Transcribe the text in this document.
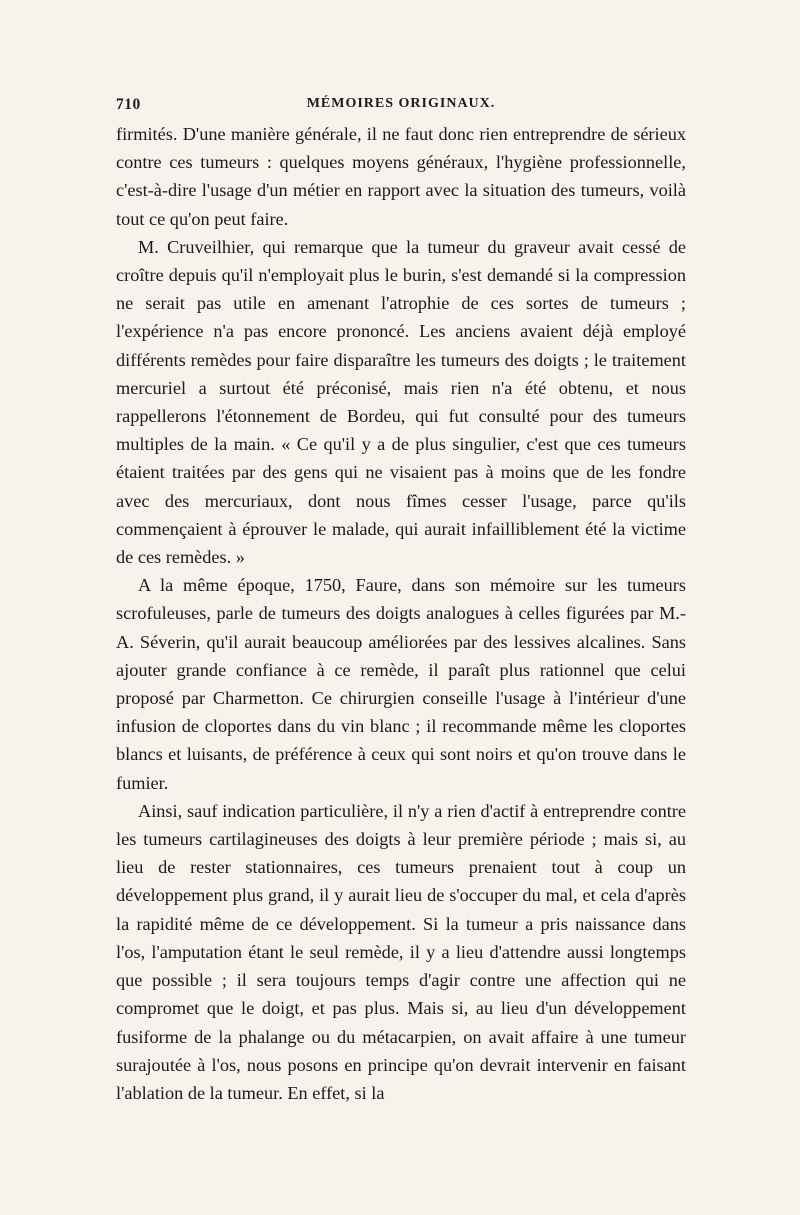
710	MÉMOIRES ORIGINAUX.

firmités. D'une manière générale, il ne faut donc rien entreprendre de sérieux contre ces tumeurs : quelques moyens généraux, l'hygiène professionnelle, c'est-à-dire l'usage d'un métier en rapport avec la situation des tumeurs, voilà tout ce qu'on peut faire.

M. Cruveilhier, qui remarque que la tumeur du graveur avait cessé de croître depuis qu'il n'employait plus le burin, s'est demandé si la compression ne serait pas utile en amenant l'atrophie de ces sortes de tumeurs ; l'expérience n'a pas encore prononcé. Les anciens avaient déjà employé différents remèdes pour faire disparaître les tumeurs des doigts ; le traitement mercuriel a surtout été préconisé, mais rien n'a été obtenu, et nous rappellerons l'étonnement de Bordeu, qui fut consulté pour des tumeurs multiples de la main. « Ce qu'il y a de plus singulier, c'est que ces tumeurs étaient traitées par des gens qui ne visaient pas à moins que de les fondre avec des mercuriaux, dont nous fîmes cesser l'usage, parce qu'ils commençaient à éprouver le malade, qui aurait infailliblement été la victime de ces remèdes. »

A la même époque, 1750, Faure, dans son mémoire sur les tumeurs scrofuleuses, parle de tumeurs des doigts analogues à celles figurées par M.-A. Séverin, qu'il aurait beaucoup améliorées par des lessives alcalines. Sans ajouter grande confiance à ce remède, il paraît plus rationnel que celui proposé par Charmetton. Ce chirurgien conseille l'usage à l'intérieur d'une infusion de cloportes dans du vin blanc ; il recommande même les cloportes blancs et luisants, de préférence à ceux qui sont noirs et qu'on trouve dans le fumier.

Ainsi, sauf indication particulière, il n'y a rien d'actif à entreprendre contre les tumeurs cartilagineuses des doigts à leur première période ; mais si, au lieu de rester stationnaires, ces tumeurs prenaient tout à coup un développement plus grand, il y aurait lieu de s'occuper du mal, et cela d'après la rapidité même de ce développement. Si la tumeur a pris naissance dans l'os, l'amputation étant le seul remède, il y a lieu d'attendre aussi longtemps que possible ; il sera toujours temps d'agir contre une affection qui ne compromet que le doigt, et pas plus. Mais si, au lieu d'un développement fusiforme de la phalange ou du métacarpien, on avait affaire à une tumeur surajoutée à l'os, nous posons en principe qu'on devrait intervenir en faisant l'ablation de la tumeur. En effet, si la
